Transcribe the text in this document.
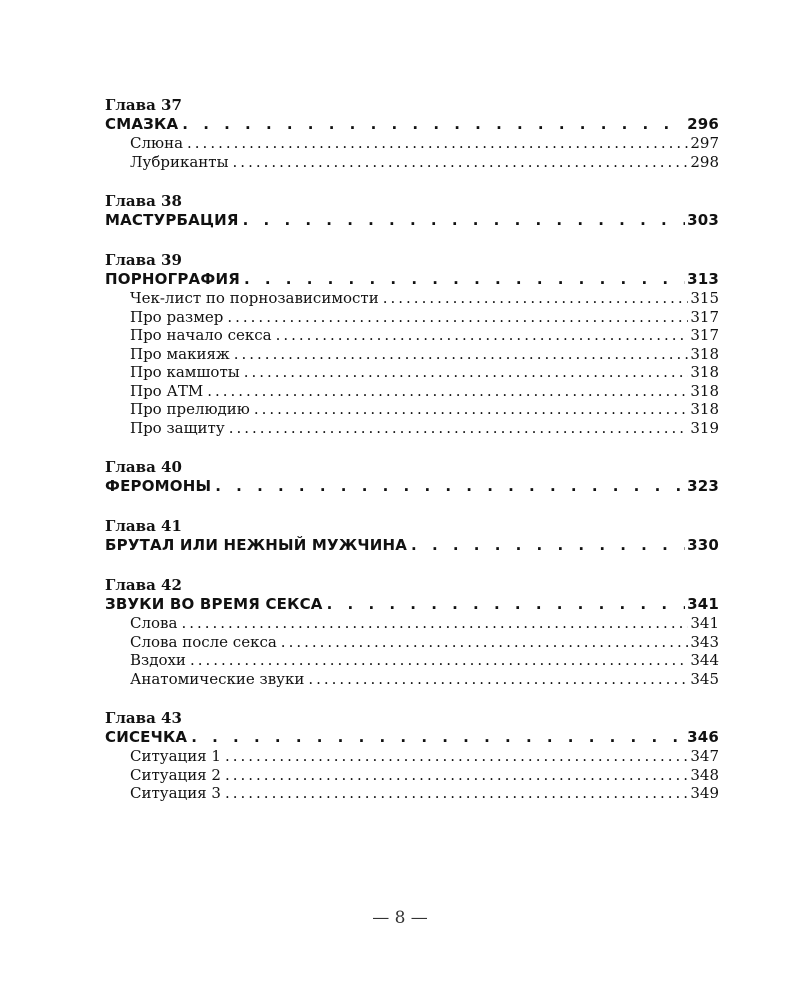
Глава 37
СМАЗКА . . .	296
Слюна .....	297
Лубриканты .....	298
Глава 38
МАСТУРБАЦИЯ . . .	303
Глава 39
ПОРНОГРАФИЯ . . .	313
Чек-лист по порнозависимости .....	315
Про размер .....	317
Про начало секса .....	317
Про макияж .....	318
Про камшоты .....	318
Про АТМ .....	318
Про прелюдию .....	318
Про защиту .....	319
Глава 40
ФЕРОМОНЫ . . .	323
Глава 41
БРУТАЛ ИЛИ НЕЖНЫЙ МУЖЧИНА . . .	330
Глава 42
ЗВУКИ ВО ВРЕМЯ СЕКСА . . .	341
Слова .....	341
Слова после секса .....	343
Вздохи .....	344
Анатомические звуки .....	345
Глава 43
СИСЕЧКА . . .	346
Ситуация 1 .....	347
Ситуация 2 .....	348
Ситуация 3 .....	349
— 8 —
